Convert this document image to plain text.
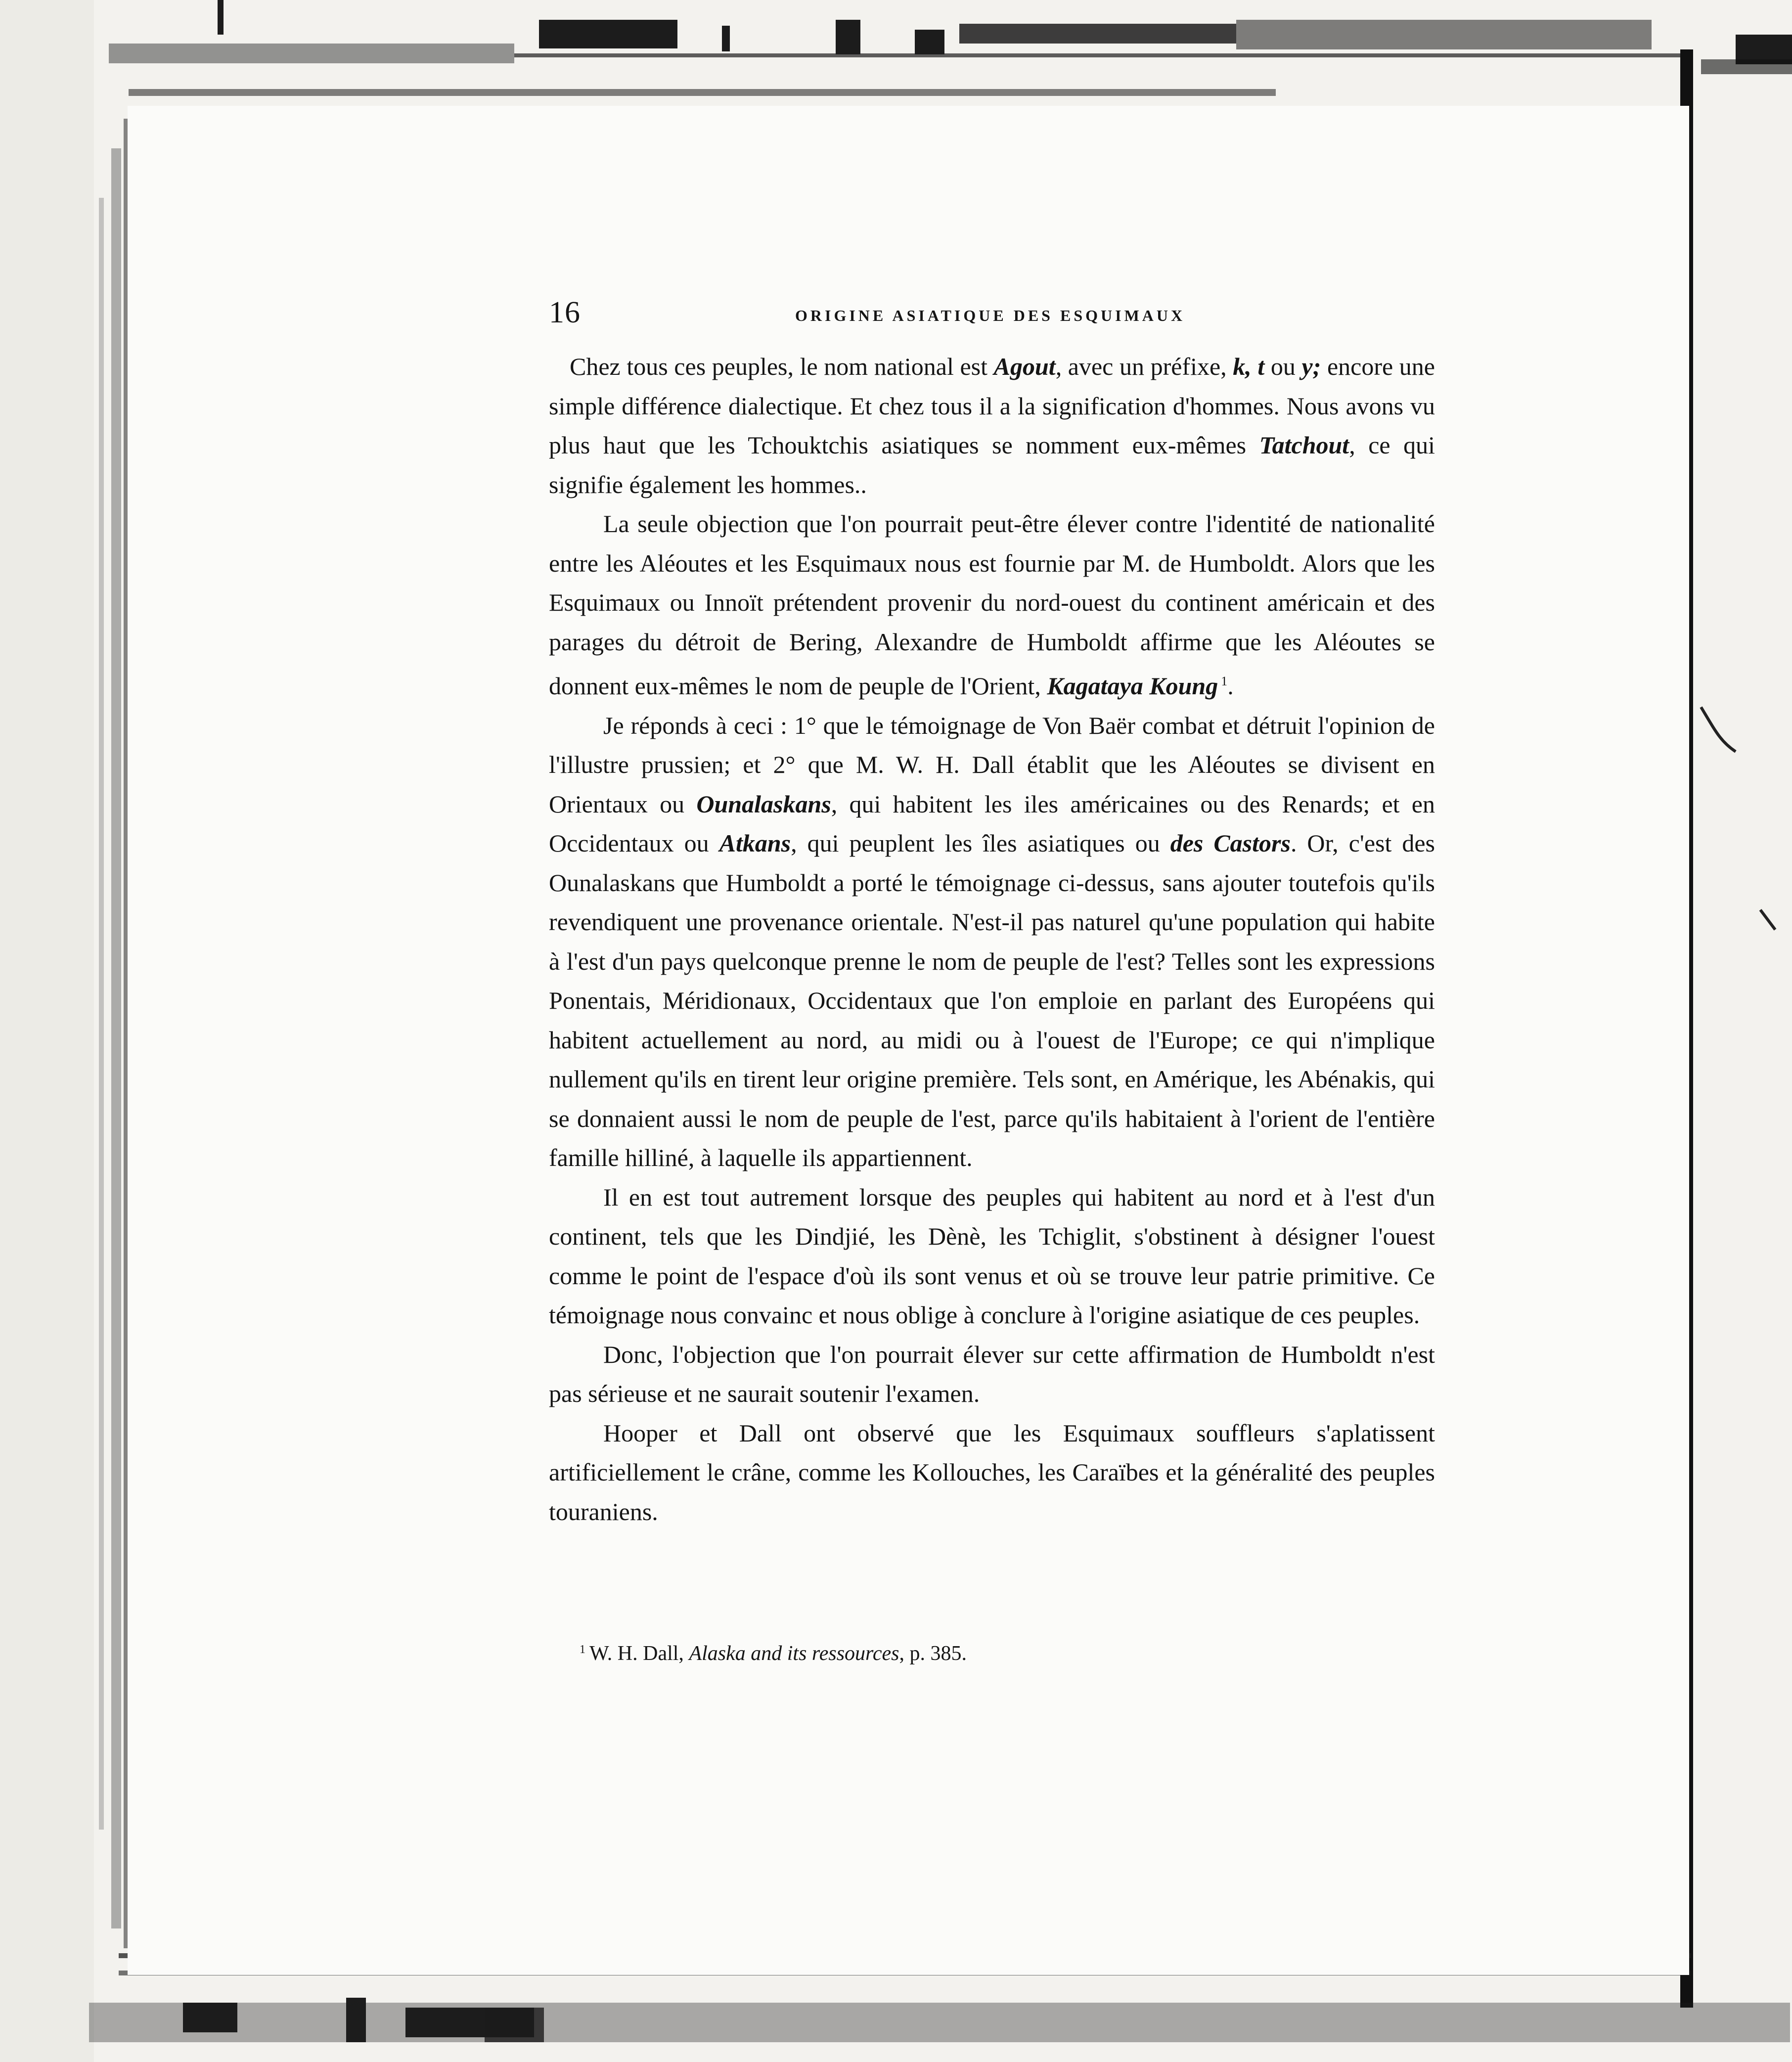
16	ORIGINE ASIATIQUE DES ESQUIMAUX

Chez tous ces peuples, le nom national est Agout, avec un préfixe, k, t ou y; encore une simple différence dialectique. Et chez tous il a la signification d'hommes. Nous avons vu plus haut que les Tchouktchis asiatiques se nomment eux-mêmes Tatchout, ce qui signifie également les hommes..

La seule objection que l'on pourrait peut-être élever contre l'identité de nationalité entre les Aléoutes et les Esquimaux nous est fournie par M. de Humboldt. Alors que les Esquimaux ou Innoït prétendent provenir du nord-ouest du continent américain et des parages du détroit de Bering, Alexandre de Humboldt affirme que les Aléoutes se donnent eux-mêmes le nom de peuple de l'Orient, Kagataya Koung $^1$.

Je réponds à ceci : 1° que le témoignage de Von Baër combat et détruit l'opinion de l'illustre prussien; et 2° que M. W. H. Dall établit que les Aléoutes se divisent en Orientaux ou Ounalaskans, qui habitent les iles américaines ou des Renards; et en Occidentaux ou Atkans, qui peuplent les îles asiatiques ou des Castors. Or, c'est des Ounalaskans que Humboldt a porté le témoignage ci-dessus, sans ajouter toutefois qu'ils revendiquent une provenance orientale. N'est-il pas naturel qu'une population qui habite à l'est d'un pays quelconque prenne le nom de peuple de l'est? Telles sont les expressions Ponentais, Méridionaux, Occidentaux que l'on emploie en parlant des Européens qui habitent actuellement au nord, au midi ou à l'ouest de l'Europe; ce qui n'implique nullement qu'ils en tirent leur origine première. Tels sont, en Amérique, les Abénakis, qui se donnaient aussi le nom de peuple de l'est, parce qu'ils habitaient à l'orient de l'entière famille hilliné, à laquelle ils appartiennent.

Il en est tout autrement lorsque des peuples qui habitent au nord et à l'est d'un continent, tels que les Dindjié, les Dènè, les Tchiglit, s'obstinent à désigner l'ouest comme le point de l'espace d'où ils sont venus et où se trouve leur patrie primitive. Ce témoignage nous convainc et nous oblige à conclure à l'origine asiatique de ces peuples.

Donc, l'objection que l'on pourrait élever sur cette affirmation de Humboldt n'est pas sérieuse et ne saurait soutenir l'examen.

Hooper et Dall ont observé que les Esquimaux souffleurs s'aplatissent artificiellement le crâne, comme les Kollouches, les Caraïbes et la généralité des peuples touraniens.

$^1$ W. H. Dall, Alaska and its ressources, p. 385.
